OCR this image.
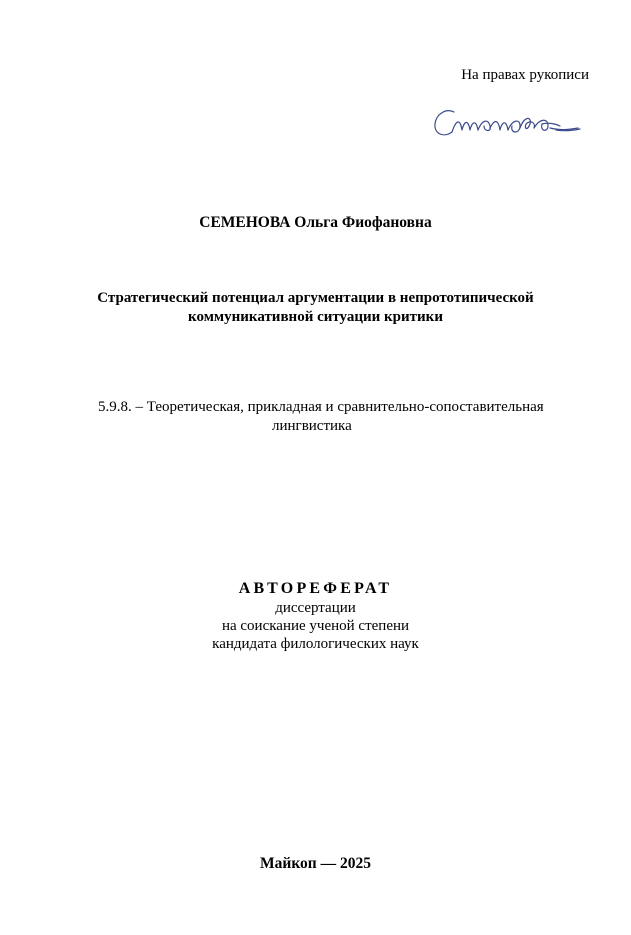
На правах рукописи
СЕМЕНОВА Ольга Фиофановна
Стратегический потенциал аргументации в непрототипической
коммуникативной ситуации критики
5.9.8. – Теоретическая, прикладная и сравнительно-сопоставительная
лингвистика
АВТОРЕФЕРАТ
диссертации
на соискание ученой степени
кандидата филологических наук
Майкоп — 2025
